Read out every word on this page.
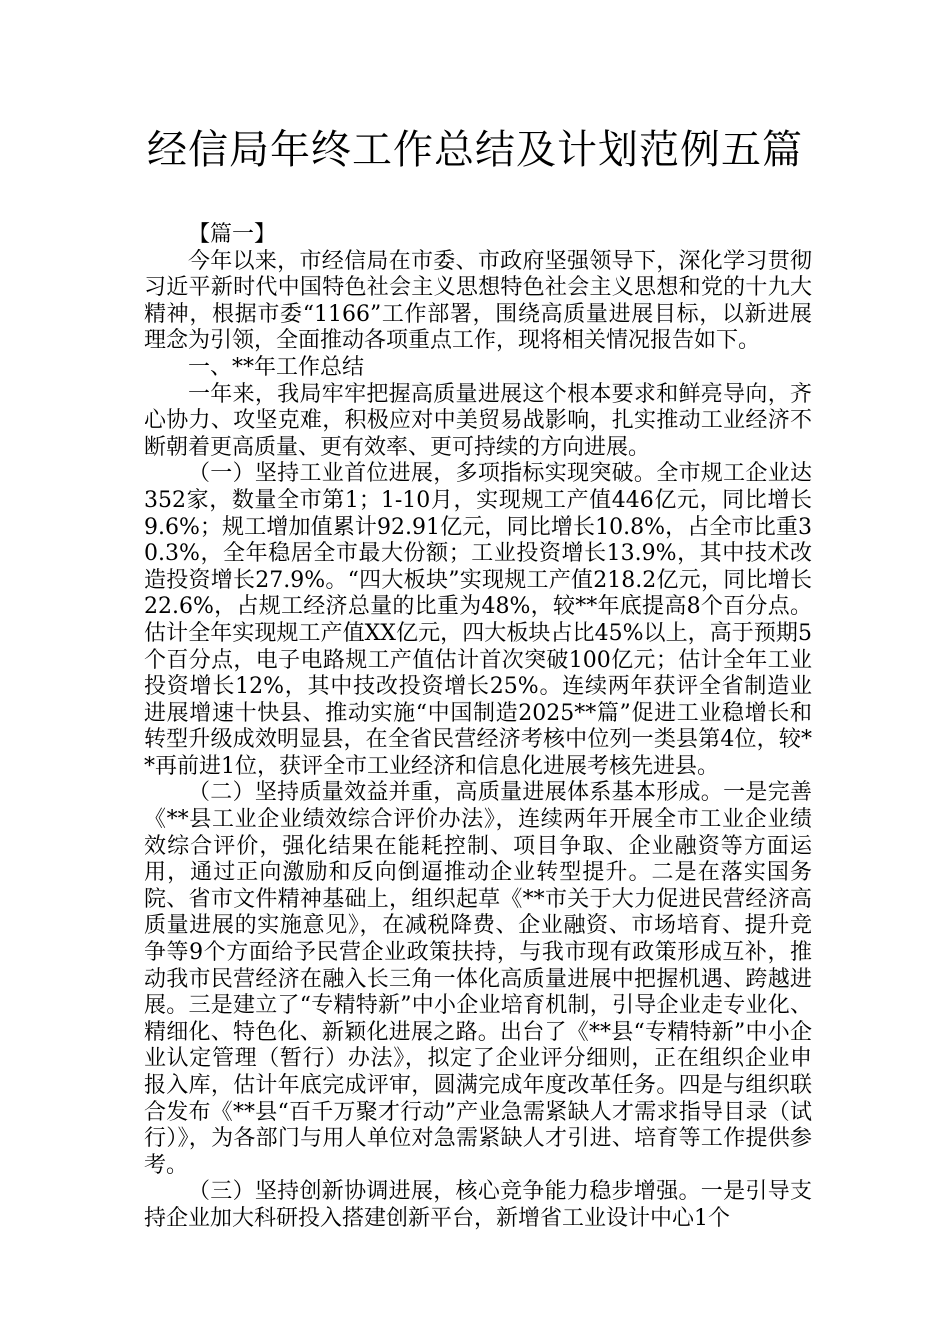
经信局年终工作总结及计划范例五篇

【篇一】

今年以来，市经信局在市委、市政府坚强领导下，深化学习贯彻习近平新时代中国特色社会主义思想特色社会主义思想和党的十九大精神，根据市委“1166”工作部署，围绕高质量进展目标，以新进展理念为引领，全面推动各项重点工作，现将相关情况报告如下。

一、**年工作总结

一年来，我局牢牢把握高质量进展这个根本要求和鲜亮导向，齐心协力、攻坚克难，积极应对中美贸易战影响，扎实推动工业经济不断朝着更高质量、更有效率、更可持续的方向进展。

（一）坚持工业首位进展，多项指标实现突破。全市规工企业达352家，数量全市第1；1-10月，实现规工产值446亿元，同比增长9.6%；规工增加值累计92.91亿元，同比增长10.8%，占全市比重30.3%，全年稳居全市最大份额；工业投资增长13.9%，其中技术改造投资增长27.9%。“四大板块”实现规工产值218.2亿元，同比增长22.6%，占规工经济总量的比重为48%，较**年底提高8个百分点。估计全年实现规工产值XX亿元，四大板块占比45%以上，高于预期5个百分点，电子电路规工产值估计首次突破100亿元；估计全年工业投资增长12%，其中技改投资增长25%。连续两年获评全省制造业进展增速十快县、推动实施“中国制造2025**篇”促进工业稳增长和转型升级成效明显县，在全省民营经济考核中位列一类县第4位，较**再前进1位，获评全市工业经济和信息化进展考核先进县。

（二）坚持质量效益并重，高质量进展体系基本形成。一是完善《**县工业企业绩效综合评价办法》，连续两年开展全市工业企业绩效综合评价，强化结果在能耗控制、项目争取、企业融资等方面运用，通过正向激励和反向倒逼推动企业转型提升。二是在落实国务院、省市文件精神基础上，组织起草《**市关于大力促进民营经济高质量进展的实施意见》，在减税降费、企业融资、市场培育、提升竞争等9个方面给予民营企业政策扶持，与我市现有政策形成互补，推动我市民营经济在融入长三角一体化高质量进展中把握机遇、跨越进展。三是建立了“专精特新”中小企业培育机制，引导企业走专业化、精细化、特色化、新颖化进展之路。出台了《**县“专精特新”中小企业认定管理（暂行）办法》，拟定了企业评分细则，正在组织企业申报入库，估计年底完成评审，圆满完成年度改革任务。四是与组织联合发布《**县“百千万聚才行动”产业急需紧缺人才需求指导目录（试行）》，为各部门与用人单位对急需紧缺人才引进、培育等工作提供参考。

（三）坚持创新协调进展，核心竞争能力稳步增强。一是引导支持企业加大科研投入搭建创新平台，新增省工业设计中心1个
